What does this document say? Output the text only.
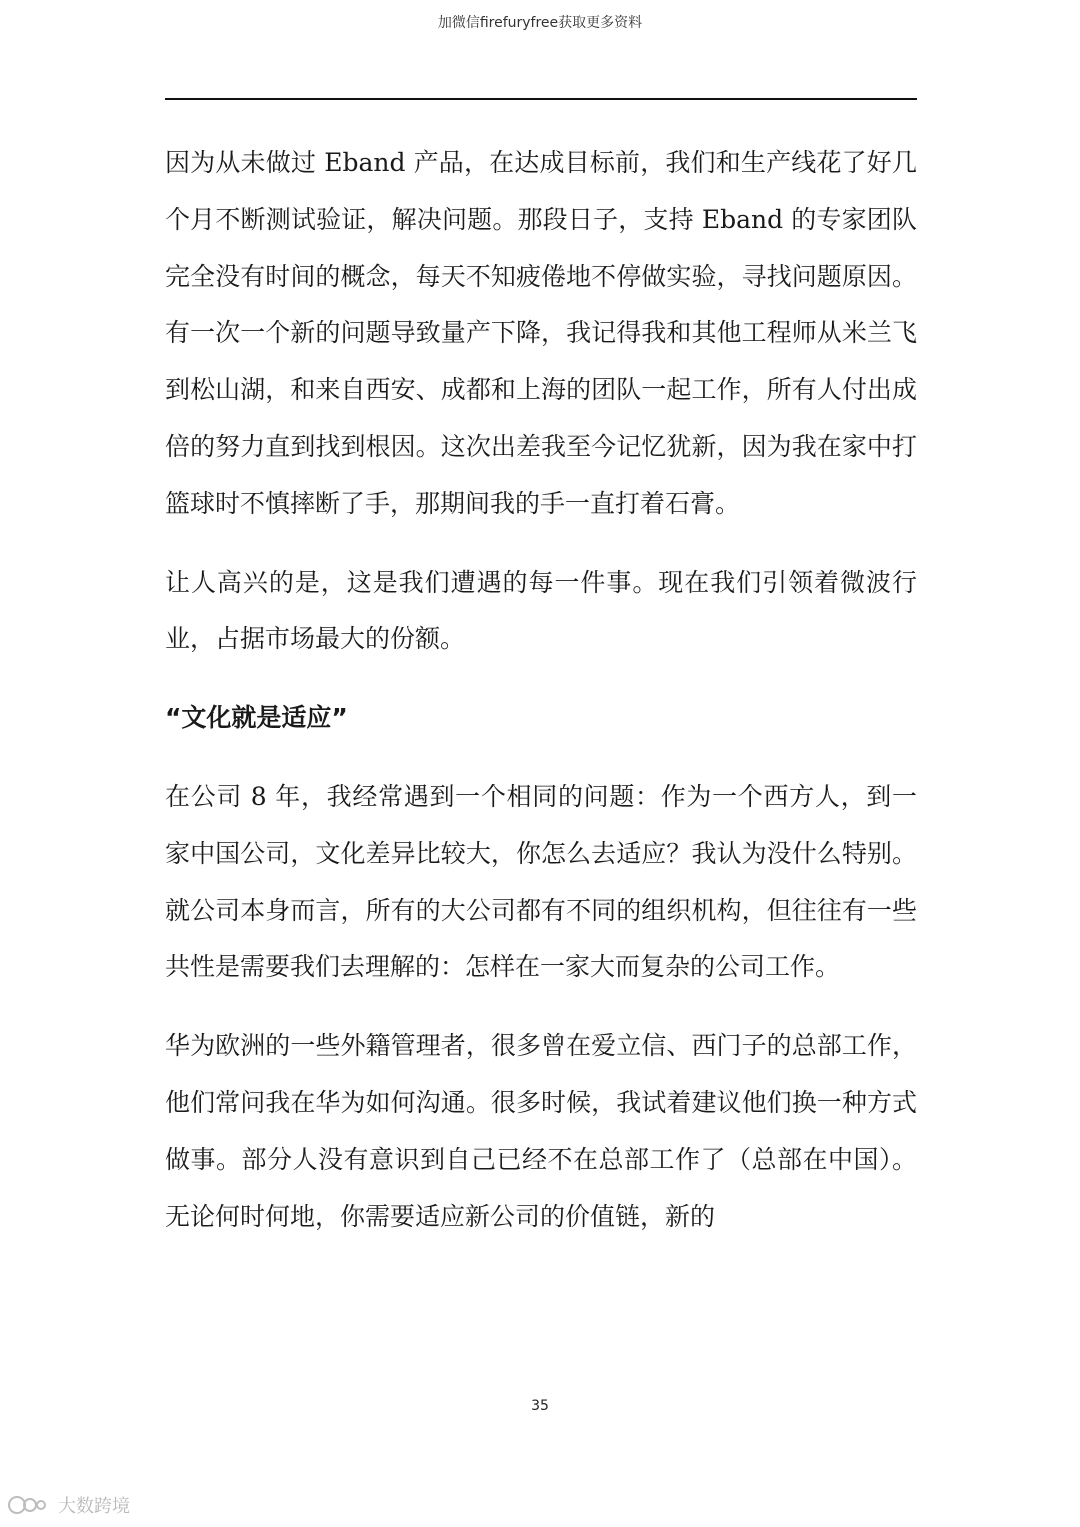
加微信firefuryfree获取更多资料

因为从未做过 Eband 产品，在达成目标前，我们和生产线花了好几个月不断测试验证，解决问题。那段日子，支持 Eband 的专家团队完全没有时间的概念，每天不知疲倦地不停做实验，寻找问题原因。有一次一个新的问题导致量产下降，我记得我和其他工程师从米兰飞到松山湖，和来自西安、成都和上海的团队一起工作，所有人付出成倍的努力直到找到根因。这次出差我至今记忆犹新，因为我在家中打篮球时不慎摔断了手，那期间我的手一直打着石膏。

让人高兴的是，这是我们遭遇的每一件事。现在我们引领着微波行业，占据市场最大的份额。

“文化就是适应”

在公司 8 年，我经常遇到一个相同的问题：作为一个西方人，到一家中国公司，文化差异比较大，你怎么去适应？我认为没什么特别。就公司本身而言，所有的大公司都有不同的组织机构，但往往有一些共性是需要我们去理解的：怎样在一家大而复杂的公司工作。

华为欧洲的一些外籍管理者，很多曾在爱立信、西门子的总部工作，他们常问我在华为如何沟通。很多时候，我试着建议他们换一种方式做事。部分人没有意识到自己已经不在总部工作了（总部在中国）。无论何时何地，你需要适应新公司的价值链，新的

35
大数跨境
